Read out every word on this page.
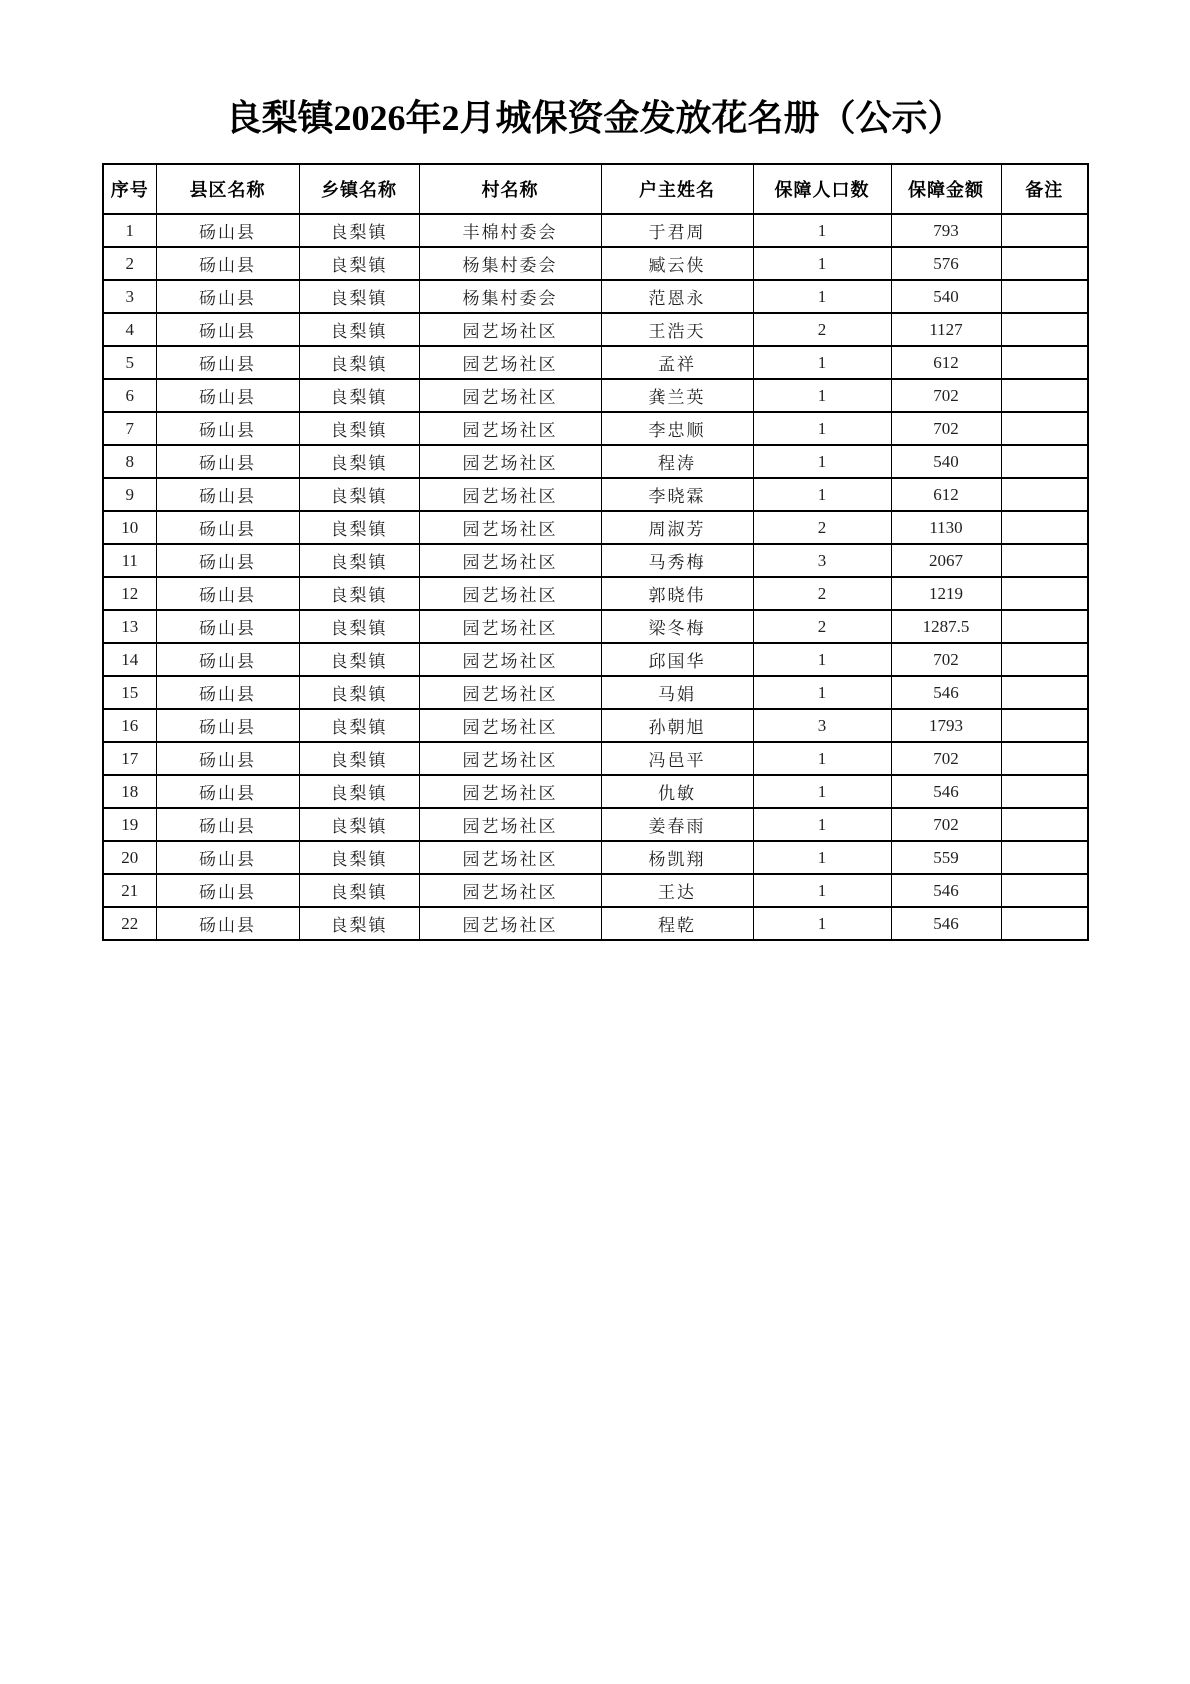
良梨镇2026年2月城保资金发放花名册（公示）
序号	县区名称	乡镇名称	村名称	户主姓名	保障人口数	保障金额	备注
1	砀山县	良梨镇	丰棉村委会	于君周	1	793	
2	砀山县	良梨镇	杨集村委会	臧云侠	1	576	
3	砀山县	良梨镇	杨集村委会	范恩永	1	540	
4	砀山县	良梨镇	园艺场社区	王浩天	2	1127	
5	砀山县	良梨镇	园艺场社区	孟祥	1	612	
6	砀山县	良梨镇	园艺场社区	龚兰英	1	702	
7	砀山县	良梨镇	园艺场社区	李忠顺	1	702	
8	砀山县	良梨镇	园艺场社区	程涛	1	540	
9	砀山县	良梨镇	园艺场社区	李晓霖	1	612	
10	砀山县	良梨镇	园艺场社区	周淑芳	2	1130	
11	砀山县	良梨镇	园艺场社区	马秀梅	3	2067	
12	砀山县	良梨镇	园艺场社区	郭晓伟	2	1219	
13	砀山县	良梨镇	园艺场社区	梁冬梅	2	1287.5	
14	砀山县	良梨镇	园艺场社区	邱国华	1	702	
15	砀山县	良梨镇	园艺场社区	马娟	1	546	
16	砀山县	良梨镇	园艺场社区	孙朝旭	3	1793	
17	砀山县	良梨镇	园艺场社区	冯邑平	1	702	
18	砀山县	良梨镇	园艺场社区	仇敏	1	546	
19	砀山县	良梨镇	园艺场社区	姜春雨	1	702	
20	砀山县	良梨镇	园艺场社区	杨凯翔	1	559	
21	砀山县	良梨镇	园艺场社区	王达	1	546	
22	砀山县	良梨镇	园艺场社区	程乾	1	546	
